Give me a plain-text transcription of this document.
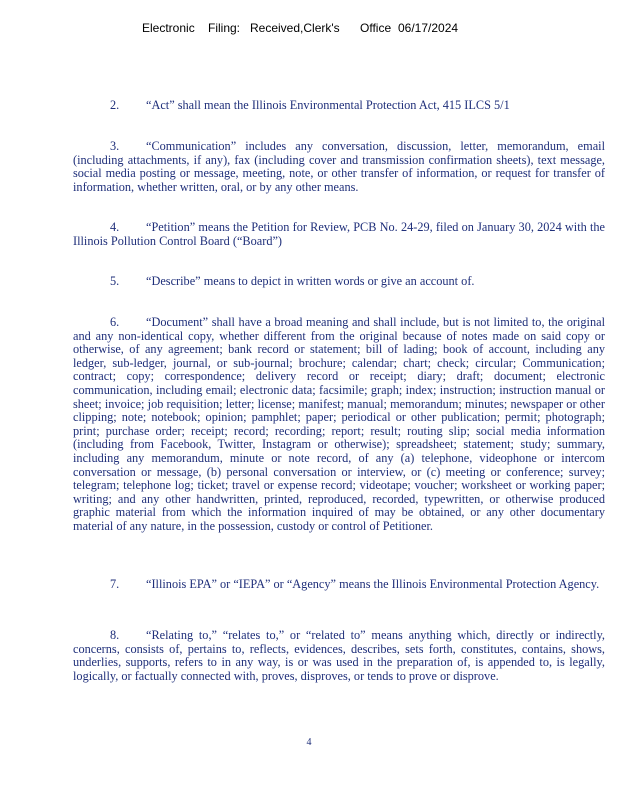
Electronic Filing: Received,Clerk's Office 06/17/2024
2. “Act” shall mean the Illinois Environmental Protection Act, 415 ILCS 5/1
3. “Communication” includes any conversation, discussion, letter, memorandum, email (including attachments, if any), fax (including cover and transmission confirmation sheets), text message, social media posting or message, meeting, note, or other transfer of information, or request for transfer of information, whether written, oral, or by any other means.
4. “Petition” means the Petition for Review, PCB No. 24-29, filed on January 30, 2024 with the Illinois Pollution Control Board (“Board”)
5. “Describe” means to depict in written words or give an account of.
6. “Document” shall have a broad meaning and shall include, but is not limited to, the original and any non-identical copy, whether different from the original because of notes made on said copy or otherwise, of any agreement; bank record or statement; bill of lading; book of account, including any ledger, sub-ledger, journal, or sub-journal; brochure; calendar; chart; check; circular; Communication; contract; copy; correspondence; delivery record or receipt; diary; draft; document; electronic communication, including email; electronic data; facsimile; graph; index; instruction; instruction manual or sheet; invoice; job requisition; letter; license; manifest; manual; memorandum; minutes; newspaper or other clipping; note; notebook; opinion; pamphlet; paper; periodical or other publication; permit; photograph; print; purchase order; receipt; record; recording; report; result; routing slip; social media information (including from Facebook, Twitter, Instagram or otherwise); spreadsheet; statement; study; summary, including any memorandum, minute or note record, of any (a) telephone, videophone or intercom conversation or message, (b) personal conversation or interview, or (c) meeting or conference; survey; telegram; telephone log; ticket; travel or expense record; videotape; voucher; worksheet or working paper; writing; and any other handwritten, printed, reproduced, recorded, typewritten, or otherwise produced graphic material from which the information inquired of may be obtained, or any other documentary material of any nature, in the possession, custody or control of Petitioner.
7. “Illinois EPA” or “IEPA” or “Agency” means the Illinois Environmental Protection Agency.
8. “Relating to,” “relates to,” or “related to” means anything which, directly or indirectly, concerns, consists of, pertains to, reflects, evidences, describes, sets forth, constitutes, contains, shows, underlies, supports, refers to in any way, is or was used in the preparation of, is appended to, is legally, logically, or factually connected with, proves, disproves, or tends to prove or disprove.
4
